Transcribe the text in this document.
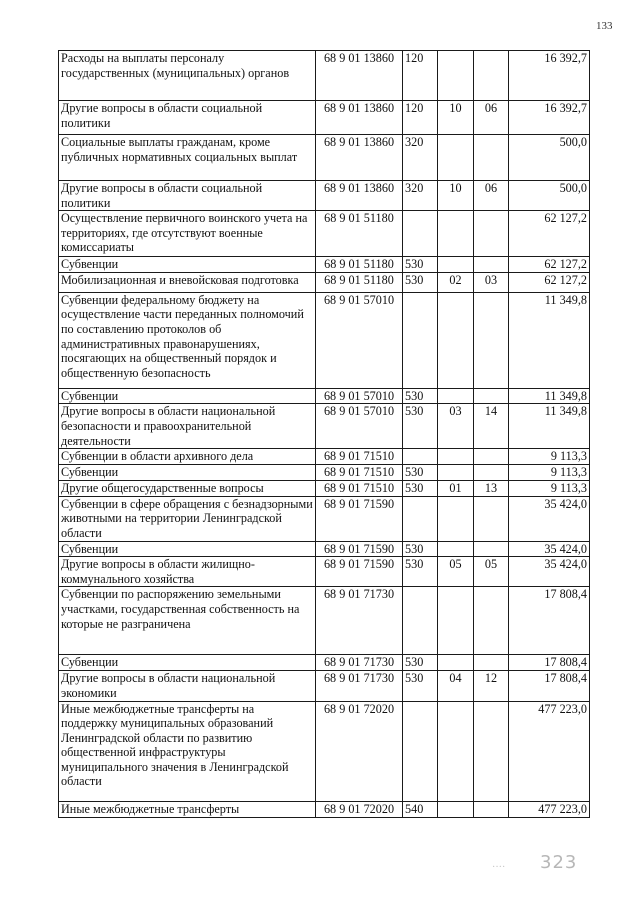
133
Расходы на выплаты персоналу государственных (муниципальных) органов	68 9 01 13860	120			16 392,7
Другие вопросы в области социальной политики	68 9 01 13860	120	10	06	16 392,7
Социальные выплаты гражданам, кроме публичных нормативных социальных выплат	68 9 01 13860	320			500,0
Другие вопросы в области социальной политики	68 9 01 13860	320	10	06	500,0
Осуществление первичного воинского учета на территориях, где отсутствуют военные комиссариаты	68 9 01 51180				62 127,2
Субвенции	68 9 01 51180	530			62 127,2
Мобилизационная и вневойсковая подготовка	68 9 01 51180	530	02	03	62 127,2
Субвенции федеральному бюджету на осуществление части переданных полномочий по составлению протоколов об административных правонарушениях, посягающих на общественный порядок и общественную безопасность	68 9 01 57010				11 349,8
Субвенции	68 9 01 57010	530			11 349,8
Другие вопросы в области национальной безопасности и правоохранительной деятельности	68 9 01 57010	530	03	14	11 349,8
Субвенции в области архивного дела	68 9 01 71510				9 113,3
Субвенции	68 9 01 71510	530			9 113,3
Другие общегосударственные вопросы	68 9 01 71510	530	01	13	9 113,3
Субвенции в сфере обращения с безнадзорными животными на территории Ленинградской области	68 9 01 71590				35 424,0
Субвенции	68 9 01 71590	530			35 424,0
Другие вопросы в области жилищно-коммунального хозяйства	68 9 01 71590	530	05	05	35 424,0
Субвенции по распоряжению земельными участками, государственная собственность на которые не разграничена	68 9 01 71730				17 808,4
Субвенции	68 9 01 71730	530			17 808,4
Другие вопросы в области национальной экономики	68 9 01 71730	530	04	12	17 808,4
Иные межбюджетные трансферты на поддержку муниципальных образований Ленинградской области по развитию общественной инфраструктуры муниципального значения в Ленинградской области	68 9 01 72020				477 223,0
Иные межбюджетные трансферты	68 9 01 72020	540			477 223,0
···· 323
